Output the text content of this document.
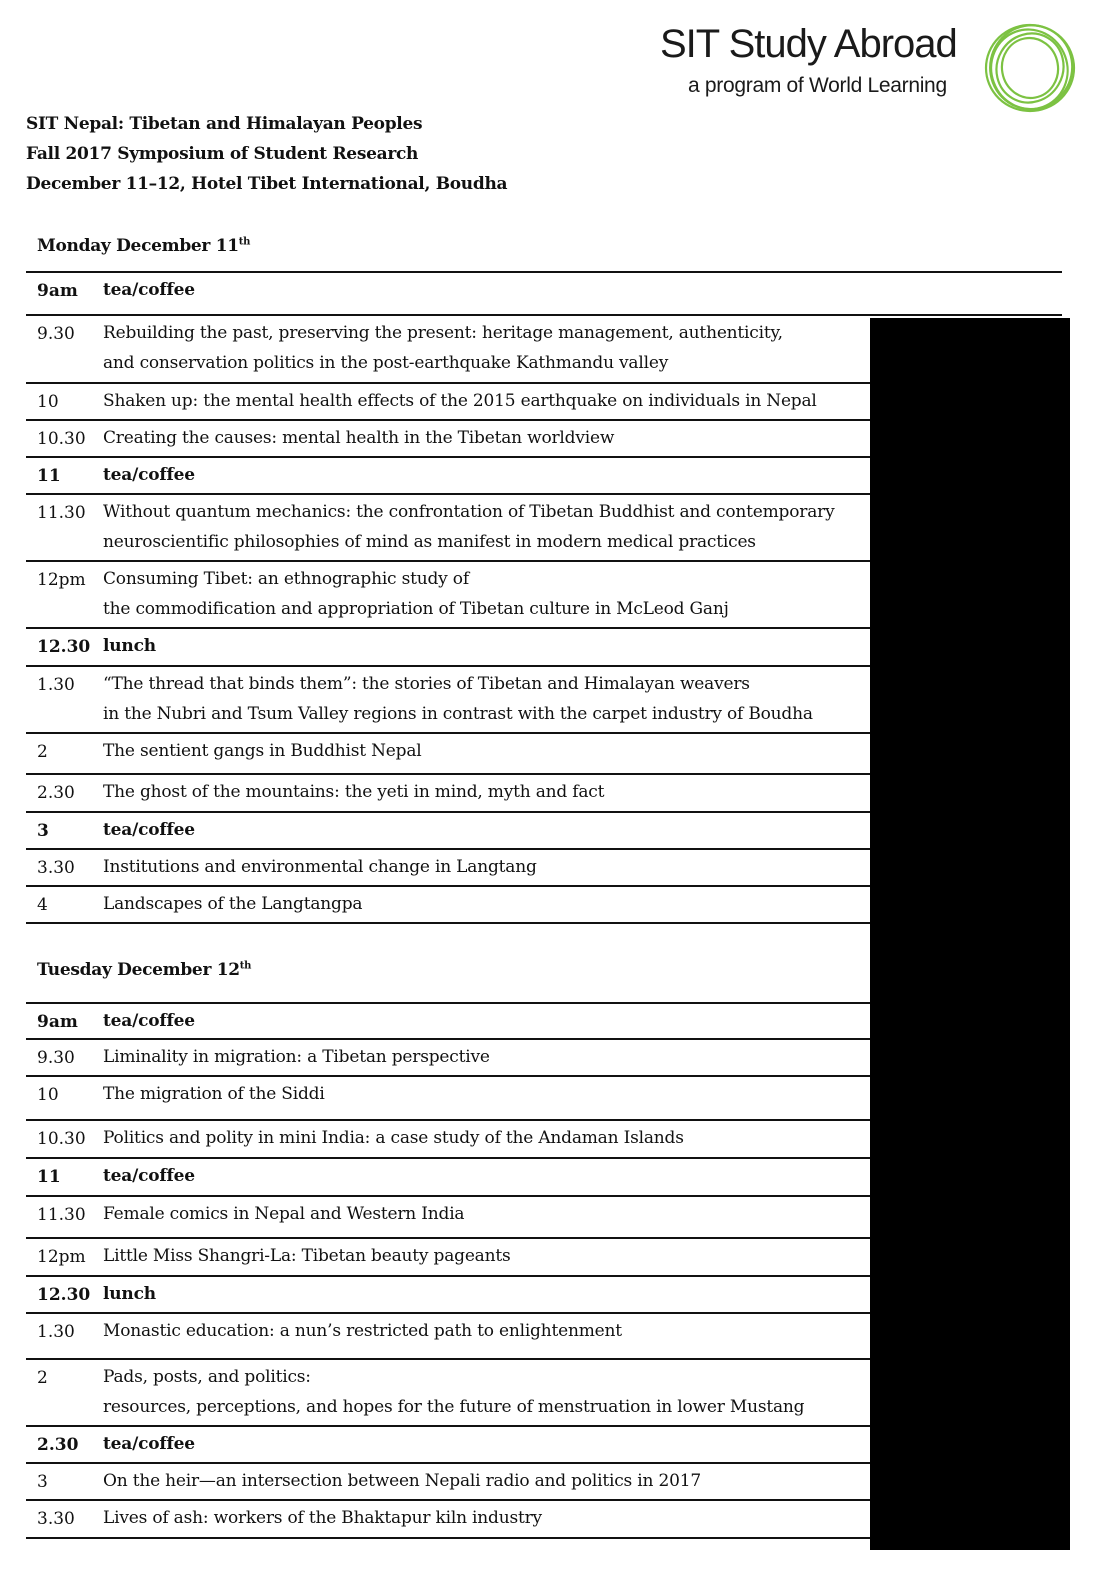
SIT Study Abroad
a program of World Learning
SIT Nepal: Tibetan and Himalayan Peoples
Fall 2017 Symposium of Student Research
December 11–12, Hotel Tibet International, Boudha
Monday December 11th
9am tea/coffee
9.30 Rebuilding the past, preserving the present: heritage management, authenticity,
and conservation politics in the post-earthquake Kathmandu valley
10	Shaken up: the mental health effects of the 2015 earthquake on individuals in Nepal
10.30 Creating the causes: mental health in the Tibetan worldview
11 tea/coffee
11.30 Without quantum mechanics: the confrontation of Tibetan Buddhist and contemporary
neuroscientific philosophies of mind as manifest in modern medical practices
12pm Consuming Tibet: an ethnographic study of
the commodification and appropriation of Tibetan culture in McLeod Ganj
12.30 lunch
1.30 “The thread that binds them”: the stories of Tibetan and Himalayan weavers
in the Nubri and Tsum Valley regions in contrast with the carpet industry of Boudha
2	The sentient gangs in Buddhist Nepal
2.30 The ghost of the mountains: the yeti in mind, myth and fact
3	tea/coffee
3.30 Institutions and environmental change in Langtang
4	Landscapes of the Langtangpa
Tuesday December 12th
9am tea/coffee
9.30 Liminality in migration: a Tibetan perspective
10	The migration of the Siddi
10.30 Politics and polity in mini India: a case study of the Andaman Islands
11 tea/coffee
11.30 Female comics in Nepal and Western India
12pm Little Miss Shangri-La: Tibetan beauty pageants
12.30 lunch
1.30 Monastic education: a nun’s restricted path to enlightenment
2	Pads, posts, and politics:
resources, perceptions, and hopes for the future of menstruation in lower Mustang
2.30 tea/coffee
3	On the heir—an intersection between Nepali radio and politics in 2017
3.30 Lives of ash: workers of the Bhaktapur kiln industry
